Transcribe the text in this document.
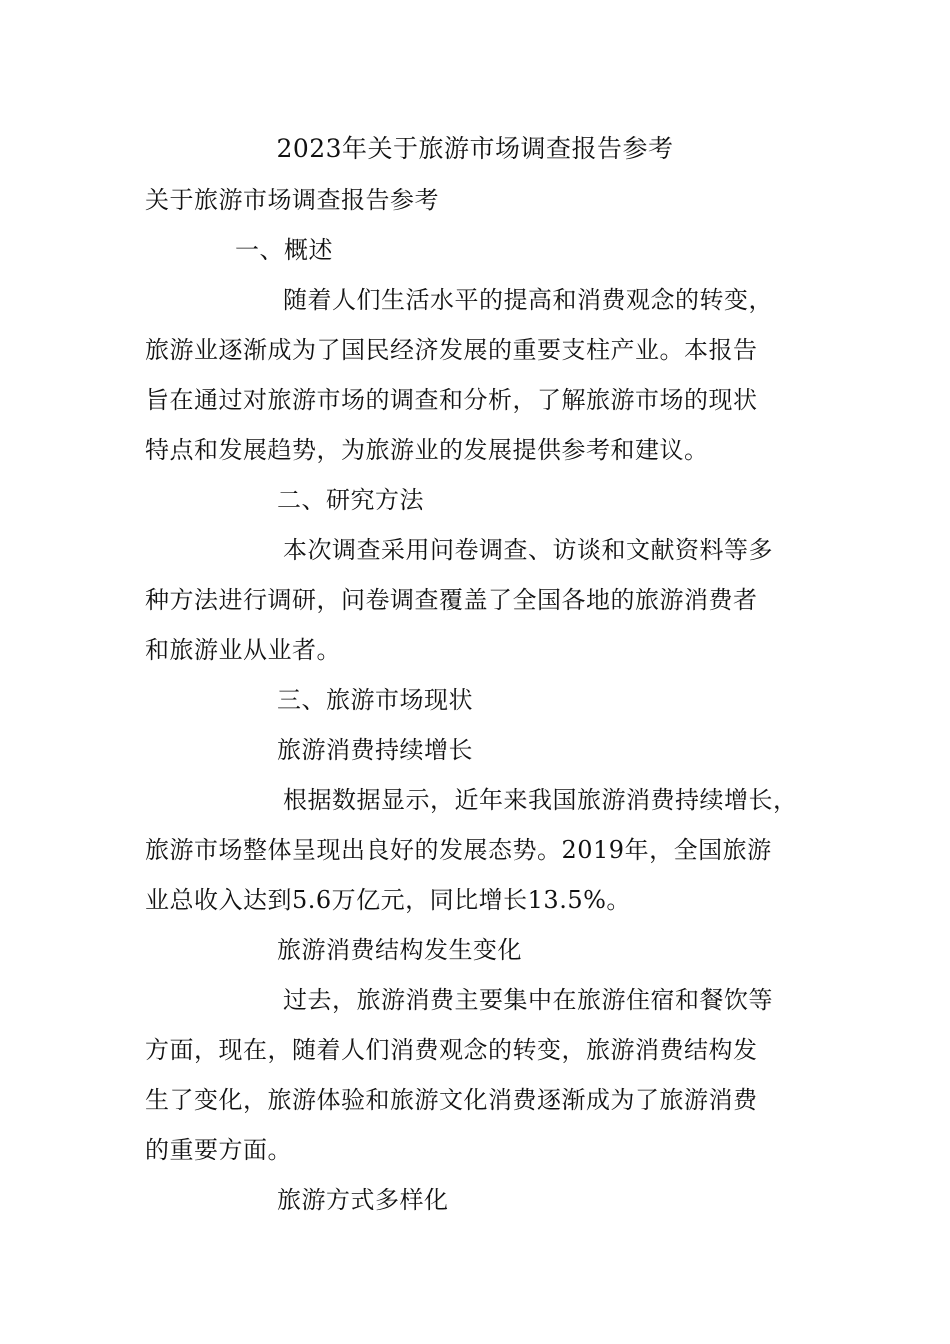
2023年关于旅游市场调查报告参考
关于旅游市场调查报告参考
一、概述
随着人们生活水平的提高和消费观念的转变，
旅游业逐渐成为了国民经济发展的重要支柱产业。本报告
旨在通过对旅游市场的调查和分析，了解旅游市场的现状
特点和发展趋势，为旅游业的发展提供参考和建议。
二、研究方法
本次调查采用问卷调查、访谈和文献资料等多
种方法进行调研，问卷调查覆盖了全国各地的旅游消费者
和旅游业从业者。
三、旅游市场现状
旅游消费持续增长
根据数据显示，近年来我国旅游消费持续增长，
旅游市场整体呈现出良好的发展态势。2019年，全国旅游
业总收入达到5.6万亿元，同比增长13.5%。
旅游消费结构发生变化
过去，旅游消费主要集中在旅游住宿和餐饮等
方面，现在，随着人们消费观念的转变，旅游消费结构发
生了变化，旅游体验和旅游文化消费逐渐成为了旅游消费
的重要方面。
旅游方式多样化
